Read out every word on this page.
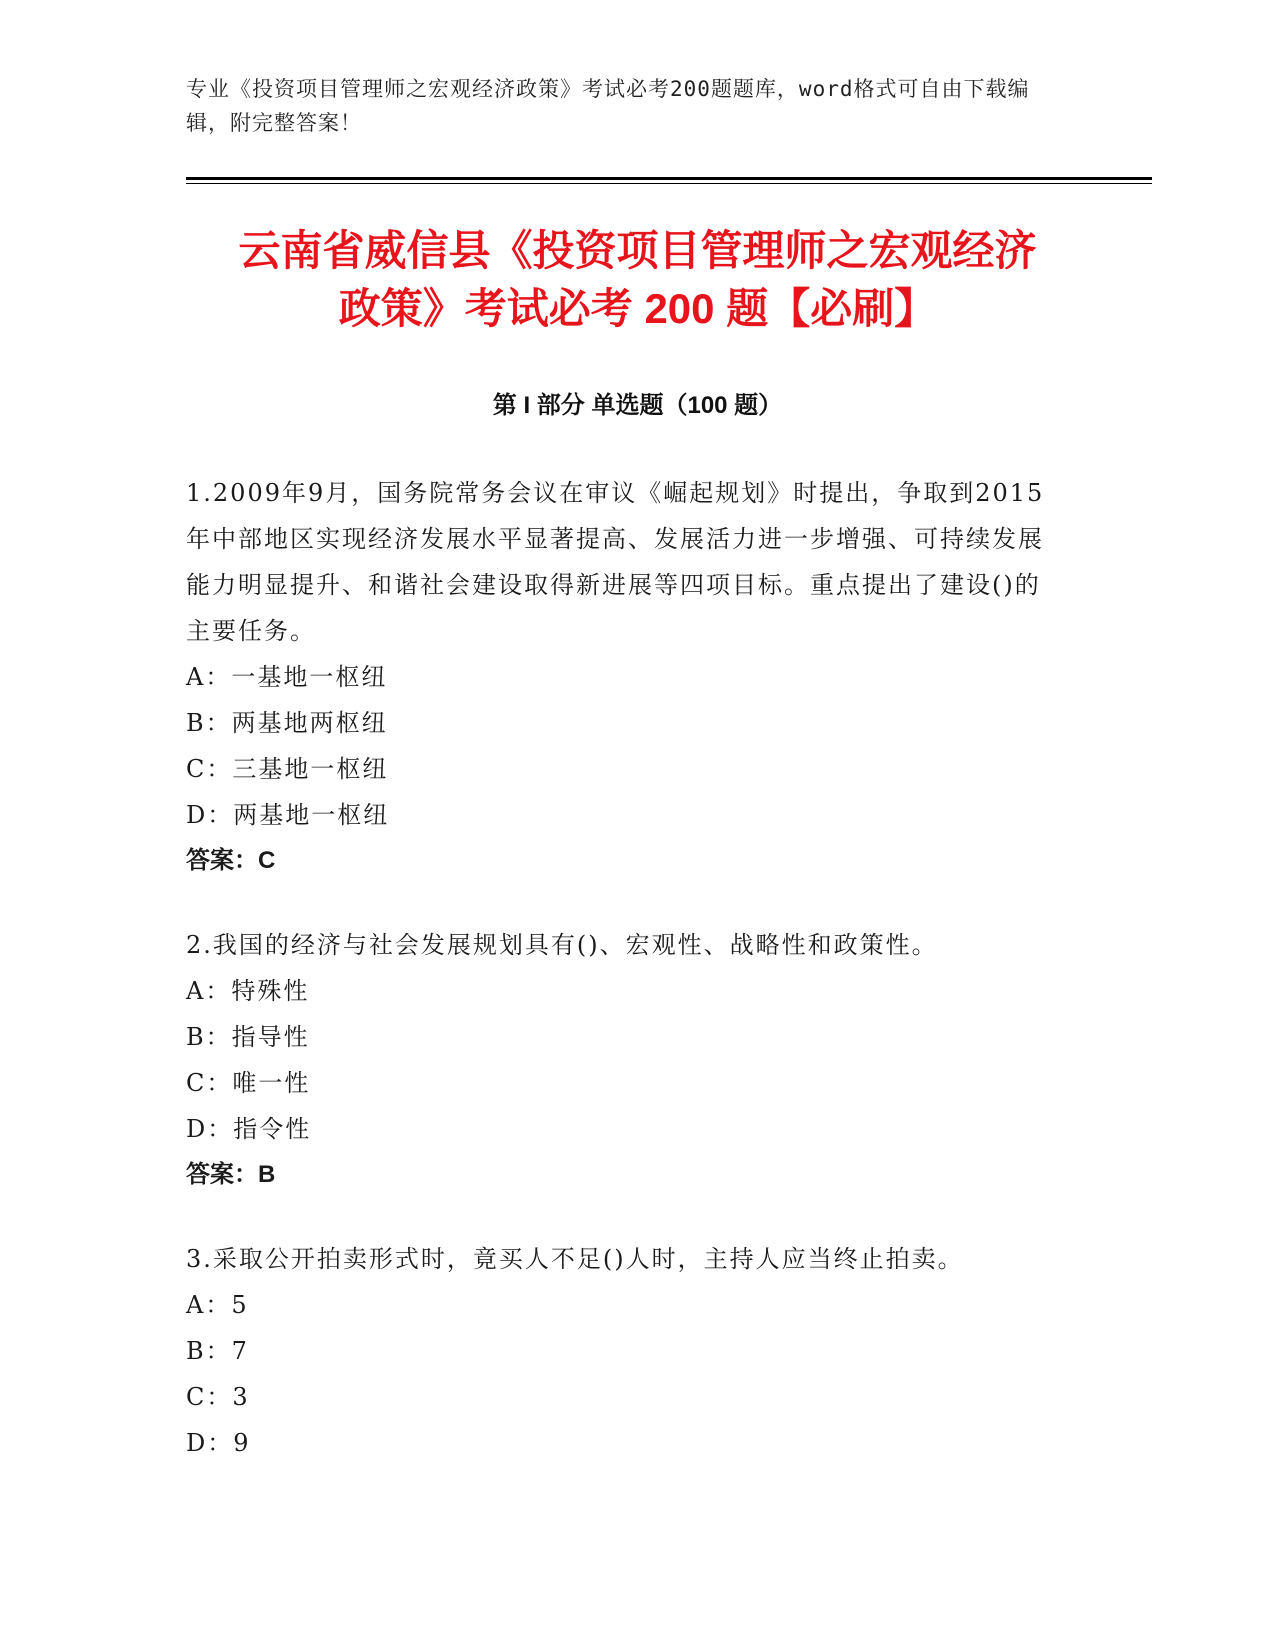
专业《投资项目管理师之宏观经济政策》考试必考200题题库，word格式可自由下载编辑，附完整答案！
云南省威信县《投资项目管理师之宏观经济
政策》考试必考 200 题【必刷】
第 I 部分 单选题（100 题）
1.2009年9月，国务院常务会议在审议《崛起规划》时提出，争取到2015年中部地区实现经济发展水平显著提高、发展活力进一步增强、可持续发展能力明显提升、和谐社会建设取得新进展等四项目标。重点提出了建设()的主要任务。
A：一基地一枢纽
B：两基地两枢纽
C：三基地一枢纽
D：两基地一枢纽
答案：C
2.我国的经济与社会发展规划具有()、宏观性、战略性和政策性。
A：特殊性
B：指导性
C：唯一性
D：指令性
答案：B
3.采取公开拍卖形式时，竟买人不足()人时，主持人应当终止拍卖。
A：5
B：7
C：3
D：9
